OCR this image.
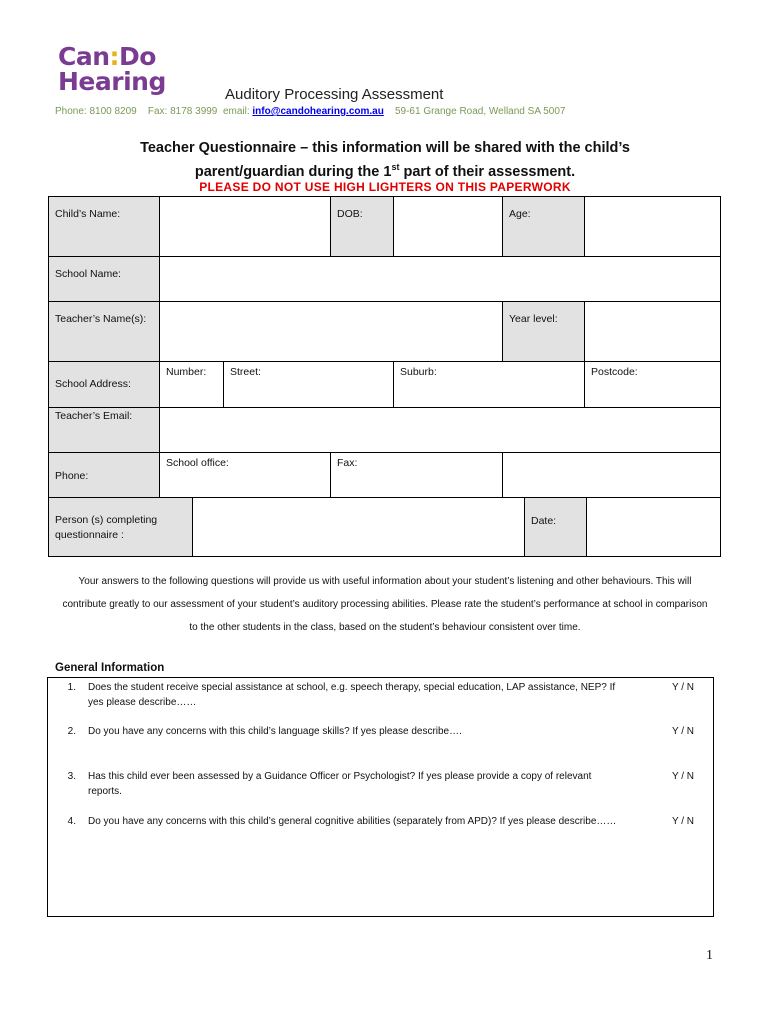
Can:Do
Hearing	Auditory Processing Assessment
Phone: 8100 8209 Fax: 8178 3999 email: info@candohearing.com.au 59-61 Grange Road, Welland SA 5007
Teacher Questionnaire – this information will be shared with the child’s
parent/guardian during the 1st part of their assessment.
PLEASE DO NOT USE HIGH LIGHTERS ON THIS PAPERWORK
Child’s Name:	DOB:	Age:
School Name:
Teacher’s Name(s):	Year level:
School Address:
Number:	Street:	Suburb:	Postcode:
Teacher’s Email:
Phone:
School office:	Fax:
Person (s) completing questionnaire :
Date:
Your answers to the following questions will provide us with useful information about your student’s listening and other behaviours. This will contribute greatly to our assessment of your student’s auditory processing abilities. Please rate the student’s performance at school in comparison to the other students in the class, based on the student’s behaviour consistent over time.
General Information
1. Does the student receive special assistance at school, e.g. speech therapy, special education, LAP assistance, NEP? If yes please describe……
Y / N
2. Do you have any concerns with this child’s language skills? If yes please describe….	Y / N
3. Has this child ever been assessed by a Guidance Officer or Psychologist? If yes please provide a copy of relevant reports.
Y / N
4. Do you have any concerns with this child’s general cognitive abilities (separately from APD)? If yes please describe……	Y / N
1
